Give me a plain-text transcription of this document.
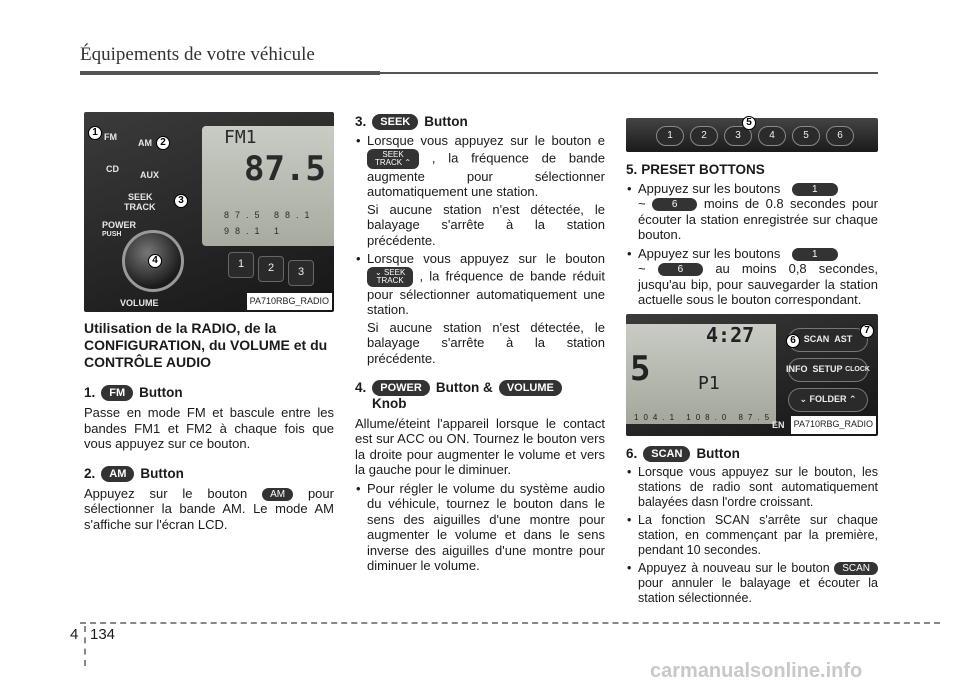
Équipements de votre véhicule
FM1
87.5
87.5 88.1 98.1 1
FM
AM
CD
AUX
SEEK
TRACK
POWER
PUSH
VOLUME
1	2	3
1
2
3
4
PA710RBG_RADIO
Utilisation de la RADIO, de la CONFIGURATION, du VOLUME et du CONTRÔLE AUDIO
1.	FM	Button

Passe en mode FM et bascule entre les bandes FM1 et FM2 à chaque fois que vous appuyez sur ce bouton.

2.	AM	Button

Appuyez sur le bouton AM pour sélectionner la bande AM. Le mode AM s'affiche sur l'écran LCD.

3.	SEEK	Button
• Lorsque vous appuyez sur le bouton e SEEK
TRACK ⌃ , la fréquence de bande augmente pour sélectionner automatiquement une station.
Si aucune station n'est détectée, le balayage s'arrête à la station précédente.
• Lorsque vous appuyez sur le bouton ⌄ SEEK
TRACK , la fréquence de bande réduit pour sélectionner automatiquement une station.
Si aucune station n'est détectée, le balayage s'arrête à la station précédente.
4.	POWER	Button &	VOLUME
Knob

Allume/éteint l'appareil lorsque le contact est sur ACC ou ON. Tournez le bouton vers la droite pour augmenter le volume et vers la gauche pour le diminuer.

• Pour régler le volume du système audio du véhicule, tournez le bouton dans le sens des aiguilles d'une montre pour augmenter le volume et dans le sens inverse des aiguilles d'une montre pour diminuer le volume.
1	2	3	4	5	6
5
5. PRESET BOTTONS
• Appuyez sur les boutons	1
~	6 moins de 0.8 secondes pour écouter la station enregistrée sur chaque bouton.
• Appuyez sur les boutons	1
~	6 au moins 0,8 secondes, jusqu'au bip, pour sauvegarder la station actuelle sous le bouton correspondant.
4:27
5	P1
104.1 108.0 87.5
EN
SCAN
AST
INFO
SETUP
CLOCK
⌄ FOLDER ⌃
6
7
PA710RBG_RADIO
6.	SCAN	Button
• Lorsque vous appuyez sur le bouton, les stations de radio sont automatiquement balayées dasn l'ordre croissant.
• La fonction SCAN s'arrête sur chaque station, en commençant par la première, pendant 10 secondes.
• Appuyez à nouveau sur le bouton SCAN pour annuler le balayage et écouter la station sélectionnée.
4 134
carmanualsonline.info
